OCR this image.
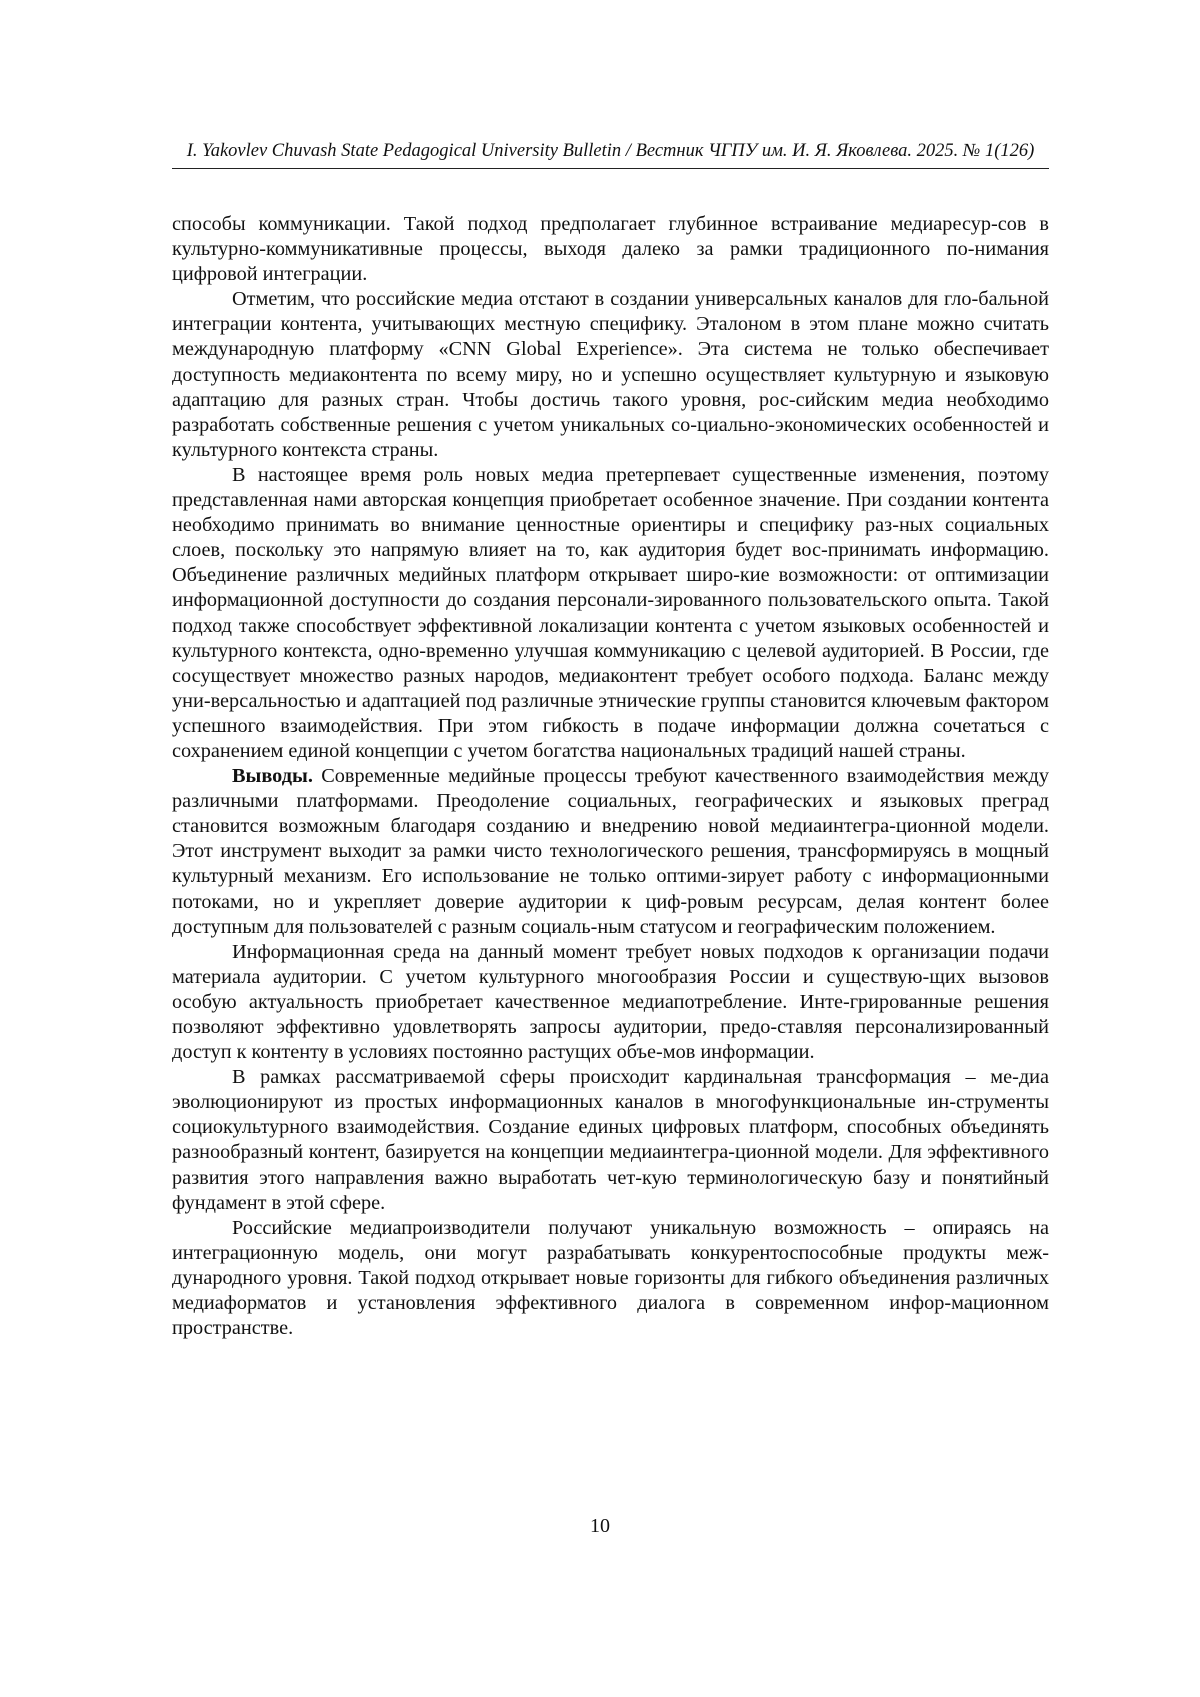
I. Yakovlev Chuvash State Pedagogical University Bulletin / Вестник ЧГПУ им. И. Я. Яковлева. 2025. № 1(126)

способы коммуникации. Такой подход предполагает глубинное встраивание медиаресур-сов в культурно-коммуникативные процессы, выходя далеко за рамки традиционного по-нимания цифровой интеграции.

Отметим, что российские медиа отстают в создании универсальных каналов для гло-бальной интеграции контента, учитывающих местную специфику. Эталоном в этом плане можно считать международную платформу «CNN Global Experience». Эта система не только обеспечивает доступность медиаконтента по всему миру, но и успешно осуществляет культурную и языковую адаптацию для разных стран. Чтобы достичь такого уровня, рос-сийским медиа необходимо разработать собственные решения с учетом уникальных со-циально-экономических особенностей и культурного контекста страны.

В настоящее время роль новых медиа претерпевает существенные изменения, поэтому представленная нами авторская концепция приобретает особенное значение. При создании контента необходимо принимать во внимание ценностные ориентиры и специфику раз-ных социальных слоев, поскольку это напрямую влияет на то, как аудитория будет вос-принимать информацию. Объединение различных медийных платформ открывает широ-кие возможности: от оптимизации информационной доступности до создания персонали-зированного пользовательского опыта. Такой подход также способствует эффективной локализации контента с учетом языковых особенностей и культурного контекста, одно-временно улучшая коммуникацию с целевой аудиторией. В России, где сосуществует множество разных народов, медиаконтент требует особого подхода. Баланс между уни-версальностью и адаптацией под различные этнические группы становится ключевым фактором успешного взаимодействия. При этом гибкость в подаче информации должна сочетаться с сохранением единой концепции с учетом богатства национальных традиций нашей страны.

Выводы. Современные медийные процессы требуют качественного взаимодействия между различными платформами. Преодоление социальных, географических и языковых преград становится возможным благодаря созданию и внедрению новой медиаинтегра-ционной модели. Этот инструмент выходит за рамки чисто технологического решения, трансформируясь в мощный культурный механизм. Его использование не только оптими-зирует работу с информационными потоками, но и укрепляет доверие аудитории к циф-ровым ресурсам, делая контент более доступным для пользователей с разным социаль-ным статусом и географическим положением.

Информационная среда на данный момент требует новых подходов к организации подачи материала аудитории. С учетом культурного многообразия России и существую-щих вызовов особую актуальность приобретает качественное медиапотребление. Инте-грированные решения позволяют эффективно удовлетворять запросы аудитории, предо-ставляя персонализированный доступ к контенту в условиях постоянно растущих объе-мов информации.

В рамках рассматриваемой сферы происходит кардинальная трансформация – ме-диа эволюционируют из простых информационных каналов в многофункциональные ин-струменты социокультурного взаимодействия. Создание единых цифровых платформ, способных объединять разнообразный контент, базируется на концепции медиаинтегра-ционной модели. Для эффективного развития этого направления важно выработать чет-кую терминологическую базу и понятийный фундамент в этой сфере.

Российские медиапроизводители получают уникальную возможность – опираясь на интеграционную модель, они могут разрабатывать конкурентоспособные продукты меж-дународного уровня. Такой подход открывает новые горизонты для гибкого объединения различных медиаформатов и установления эффективного диалога в современном инфор-мационном пространстве.

10
